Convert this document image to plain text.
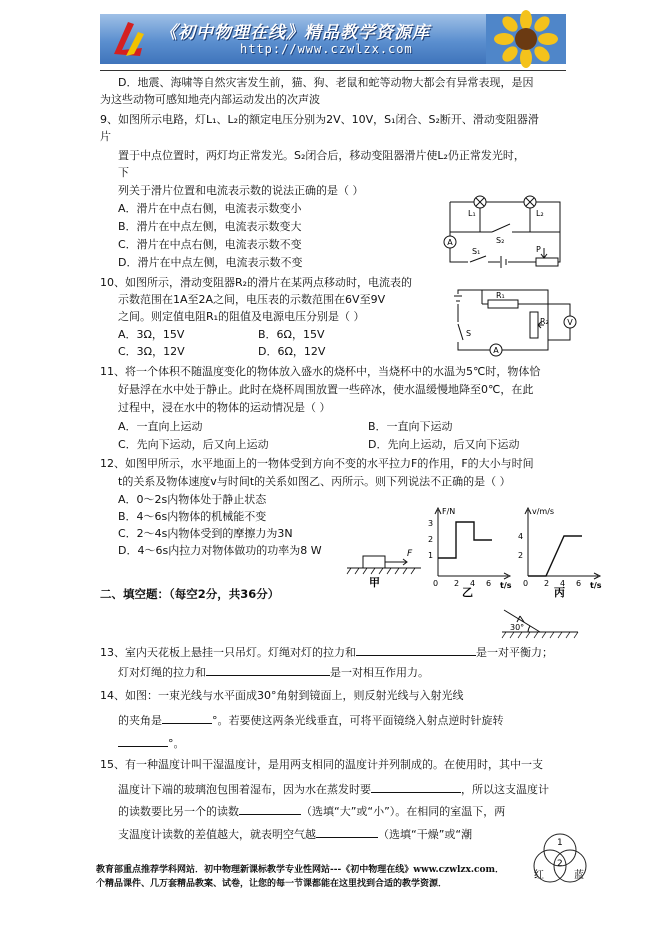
《初中物理在线》精品教学资源库
http://www.czwlzx.com
D．地震、海啸等自然灾害发生前，猫、狗、老鼠和蛇等动物大都会有异常表现，是因
为这些动物可感知地壳内部运动发出的次声波
9、如图所示电路，灯L₁、L₂的额定电压分别为2V、10V，S₁闭合、S₂断开、滑动变阻器滑
片
置于中点位置时，两灯均正常发光。S₂闭合后，移动变阻器滑片使L₂仍正常发光时，
下
列关于滑片位置和电流表示数的说法正确的是（ ）
A．滑片在中点右侧，电流表示数变小
B．滑片在中点左侧，电流表示数变大
C．滑片在中点右侧，电流表示数不变
D．滑片在中点左侧，电流表示数不变
10、如图所示，滑动变阻器R₂的滑片在某两点移动时，电流表的
示数范围在1A至2A之间，电压表的示数范围在6V至9V
之间。则定值电阻R₁的阻值及电源电压分别是（ ）
A．3Ω，15V	B．6Ω，15V
C．3Ω，12V	D．6Ω，12V
11、将一个体积不随温度变化的物体放入盛水的烧杯中，当烧杯中的水温为5℃时，物体恰
好悬浮在水中处于静止。此时在烧杯周围放置一些碎冰，使水温缓慢地降至0℃，在此
过程中，浸在水中的物体的运动情况是（ ）
A．一直向上运动	B．一直向下运动
C．先向下运动，后又向上运动	D．先向上运动，后又向下运动
12、如图甲所示，水平地面上的一物体受到方向不变的水平拉力F的作用，F的大小与时间
t的关系及物体速度v与时间t的关系如图乙、丙所示。则下列说法不正确的是（ ）
A．0～2s内物体处于静止状态
B．4～6s内物体的机械能不变
C．2～4s内物体受到的摩擦力为3N
D．4～6s内拉力对物体做功的功率为8 W
二、填空题：（每空2分，共36分）
13、室内天花板上悬挂一只吊灯。灯绳对灯的拉力和	是一对平衡力；
灯对灯绳的拉力和	是一对相互作用力。
14、如图：一束光线与水平面成30°角射到镜面上，则反射光线与入射光线
的夹角是	°。若要使这两条光线垂直，可将平面镜绕入射点逆时针旋转
°。
15、有一种温度计叫干湿温度计，是用两支相同的温度计并列制成的。在使用时，其中一支
温度计下端的玻璃泡包围着湿布，因为水在蒸发时要	，所以这支温度计
的读数要比另一个的读数	（选填“大”或“小”）。在相同的室温下，两
支温度计读数的差值越大，就表明空气越	（选填“干燥”或“潮
A
L₁	L₂
S₂
S₁	P
V
A
R₁
R₂
S
F
甲
F/N
t/s
3
2
1
0 2 4 6
乙
v/m/s
t/s
4
2
0 2 4 6
丙
30°
1
2
红	蓝
教育部重点推荐学科网站．初中物理新课标教学专业性网站---《初中物理在线》www.czwlzx.com．
个精品课件、几万套精品教案、试卷，让您的每一节课都能在这里找到合适的教学资源．
